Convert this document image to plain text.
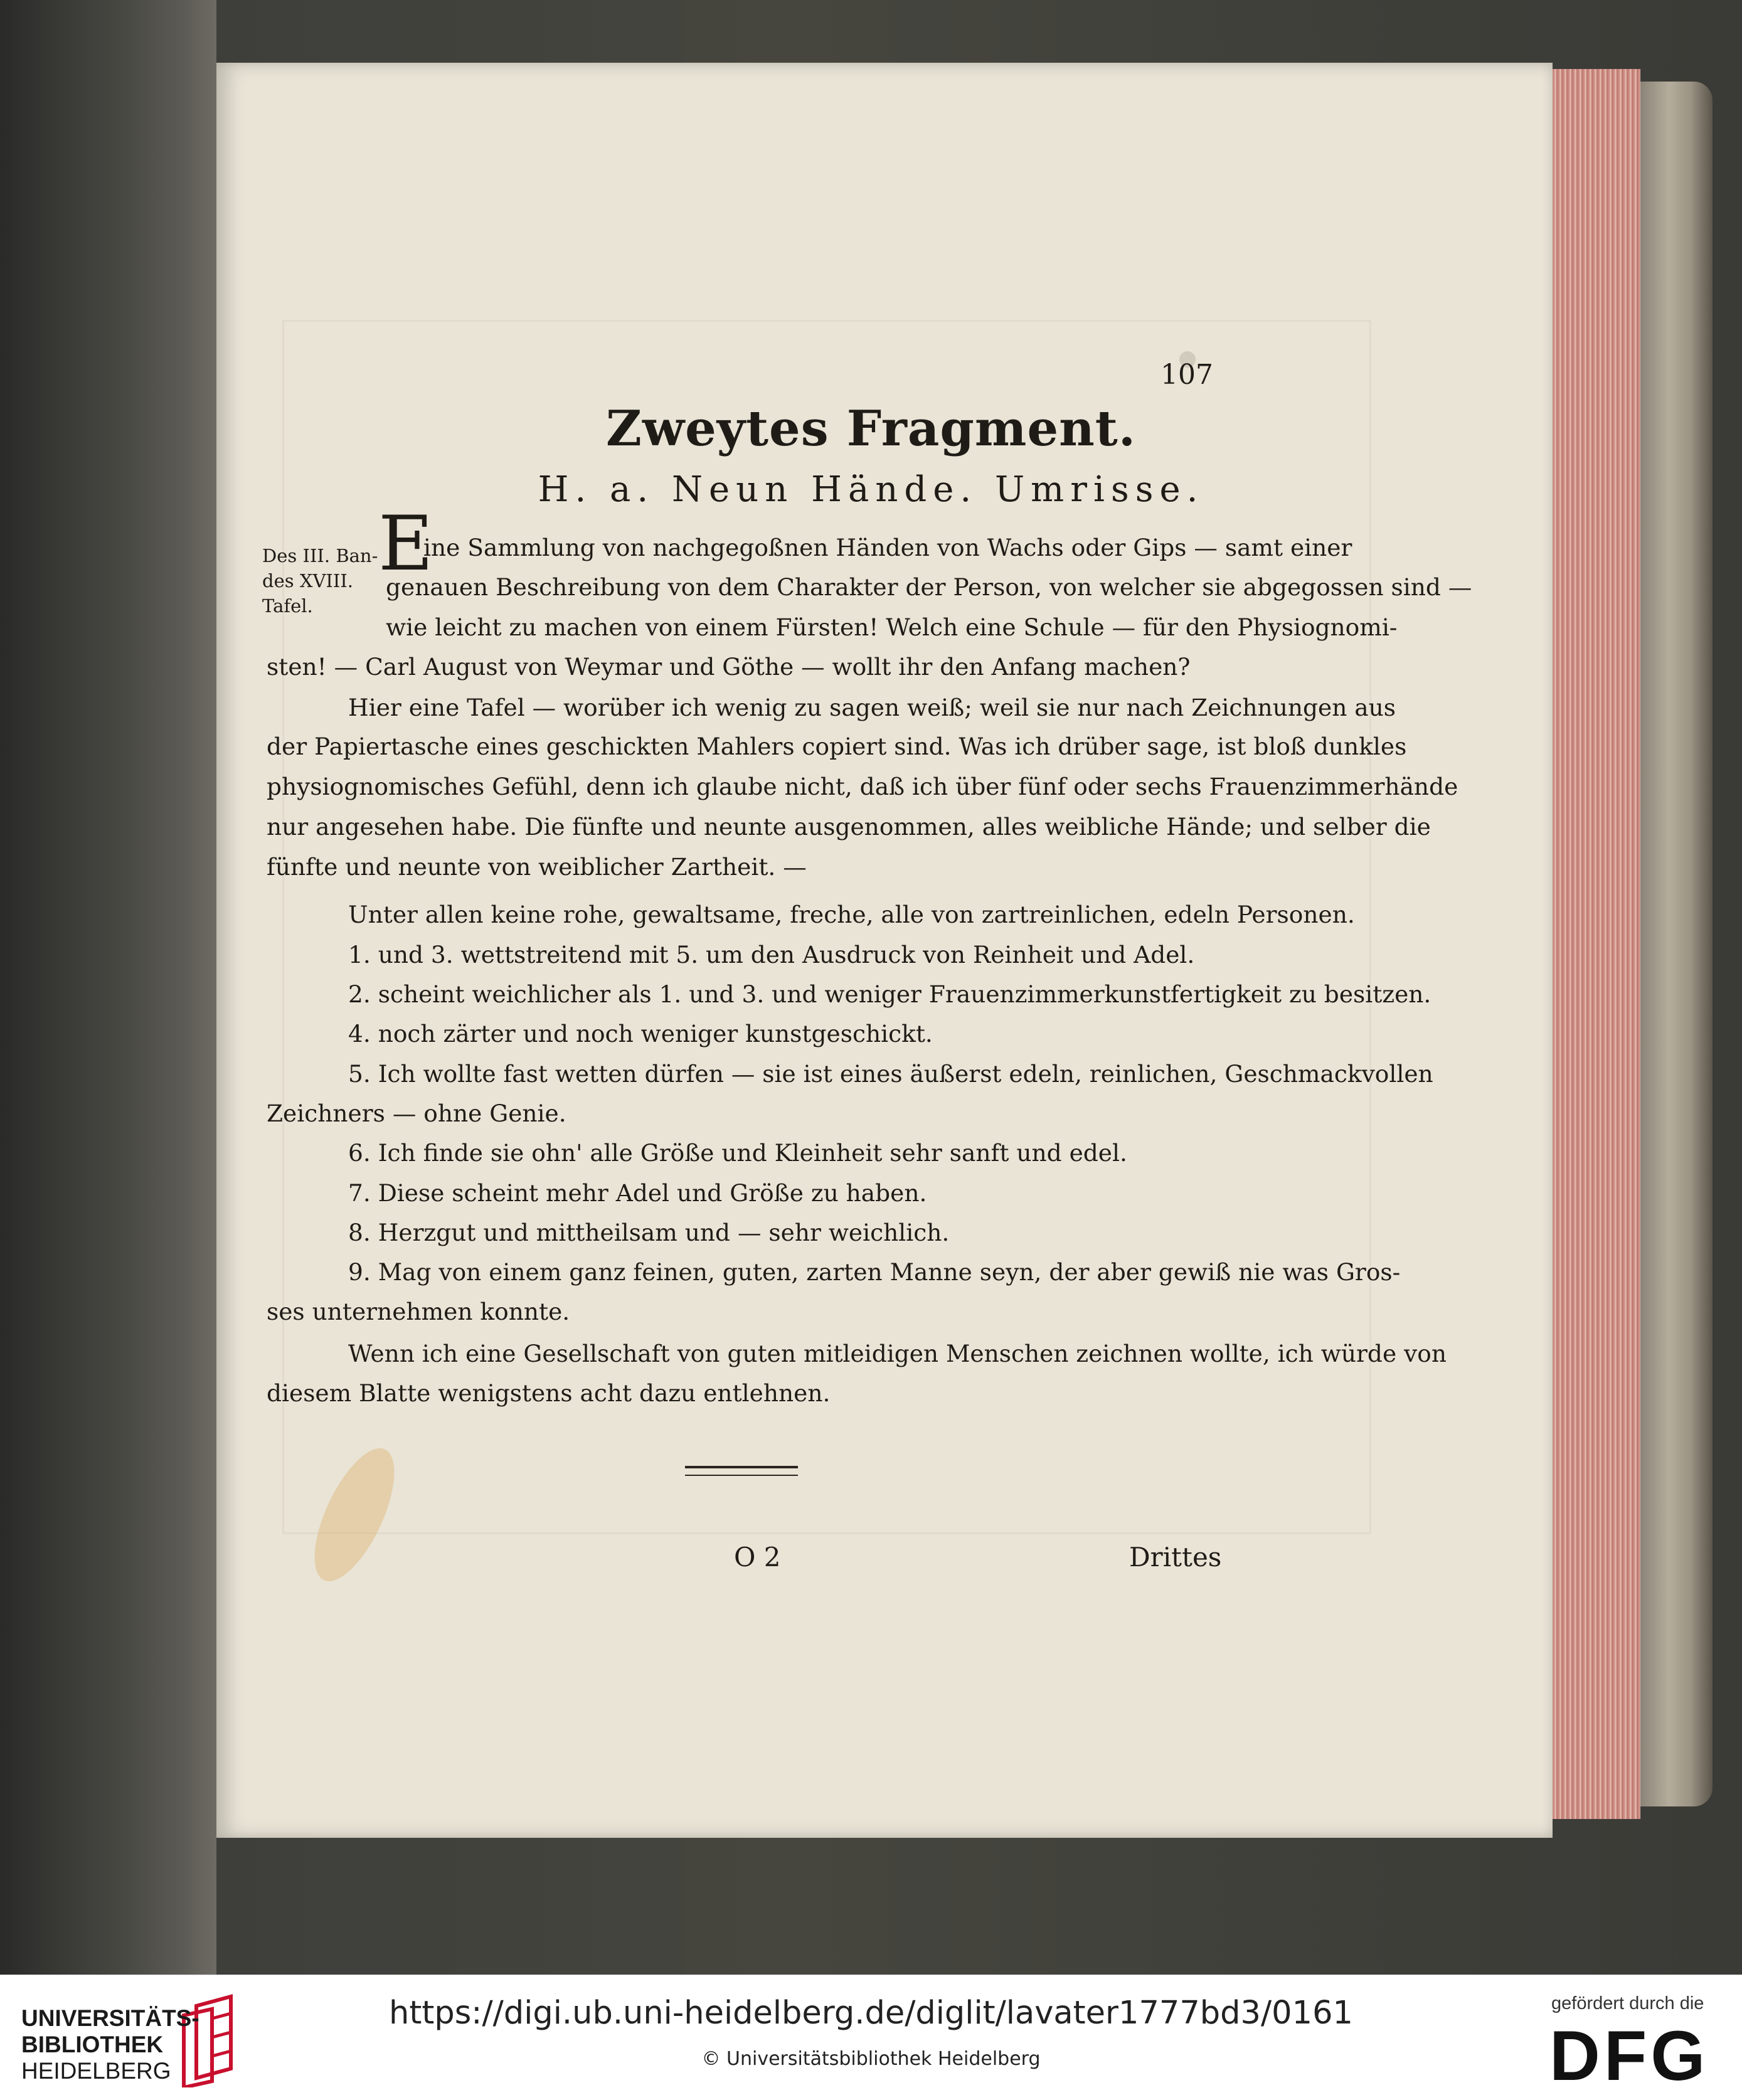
107
Zweytes Fragment.
H. a. Neun Hände. Umrisse.
E
Des III. Ban-
des XVIII.
Tafel.
ine Sammlung von nachgegoßnen Händen von Wachs oder Gips — samt einer
genauen Beschreibung von dem Charakter der Person, von welcher sie abgegossen sind —
wie leicht zu machen von einem Fürsten! Welch eine Schule — für den Physiognomi-
sten! — Carl August von Weymar und Göthe — wollt ihr den Anfang machen?
Hier eine Tafel — worüber ich wenig zu sagen weiß; weil sie nur nach Zeichnungen aus
der Papiertasche eines geschickten Mahlers copiert sind. Was ich drüber sage, ist bloß dunkles
physiognomisches Gefühl, denn ich glaube nicht, daß ich über fünf oder sechs Frauenzimmerhände
nur angesehen habe. Die fünfte und neunte ausgenommen, alles weibliche Hände; und selber die
fünfte und neunte von weiblicher Zartheit. —
Unter allen keine rohe, gewaltsame, freche, alle von zartreinlichen, edeln Personen.
1. und 3. wettstreitend mit 5. um den Ausdruck von Reinheit und Adel.
2. scheint weichlicher als 1. und 3. und weniger Frauenzimmerkunstfertigkeit zu besitzen.
4. noch zärter und noch weniger kunstgeschickt.
5. Ich wollte fast wetten dürfen — sie ist eines äußerst edeln, reinlichen, Geschmackvollen
Zeichners — ohne Genie.
6. Ich finde sie ohn' alle Größe und Kleinheit sehr sanft und edel.
7. Diese scheint mehr Adel und Größe zu haben.
8. Herzgut und mittheilsam und — sehr weichlich.
9. Mag von einem ganz feinen, guten, zarten Manne seyn, der aber gewiß nie was Gros-
ses unternehmen konnte.
Wenn ich eine Gesellschaft von guten mitleidigen Menschen zeichnen wollte, ich würde von
diesem Blatte wenigstens acht dazu entlehnen.
O 2	Drittes
UNIVERSITÄTS-
BIBLIOTHEK
HEIDELBERG
https://digi.ub.uni-heidelberg.de/diglit/lavater1777bd3/0161
© Universitätsbibliothek Heidelberg
gefördert durch die
DFG
